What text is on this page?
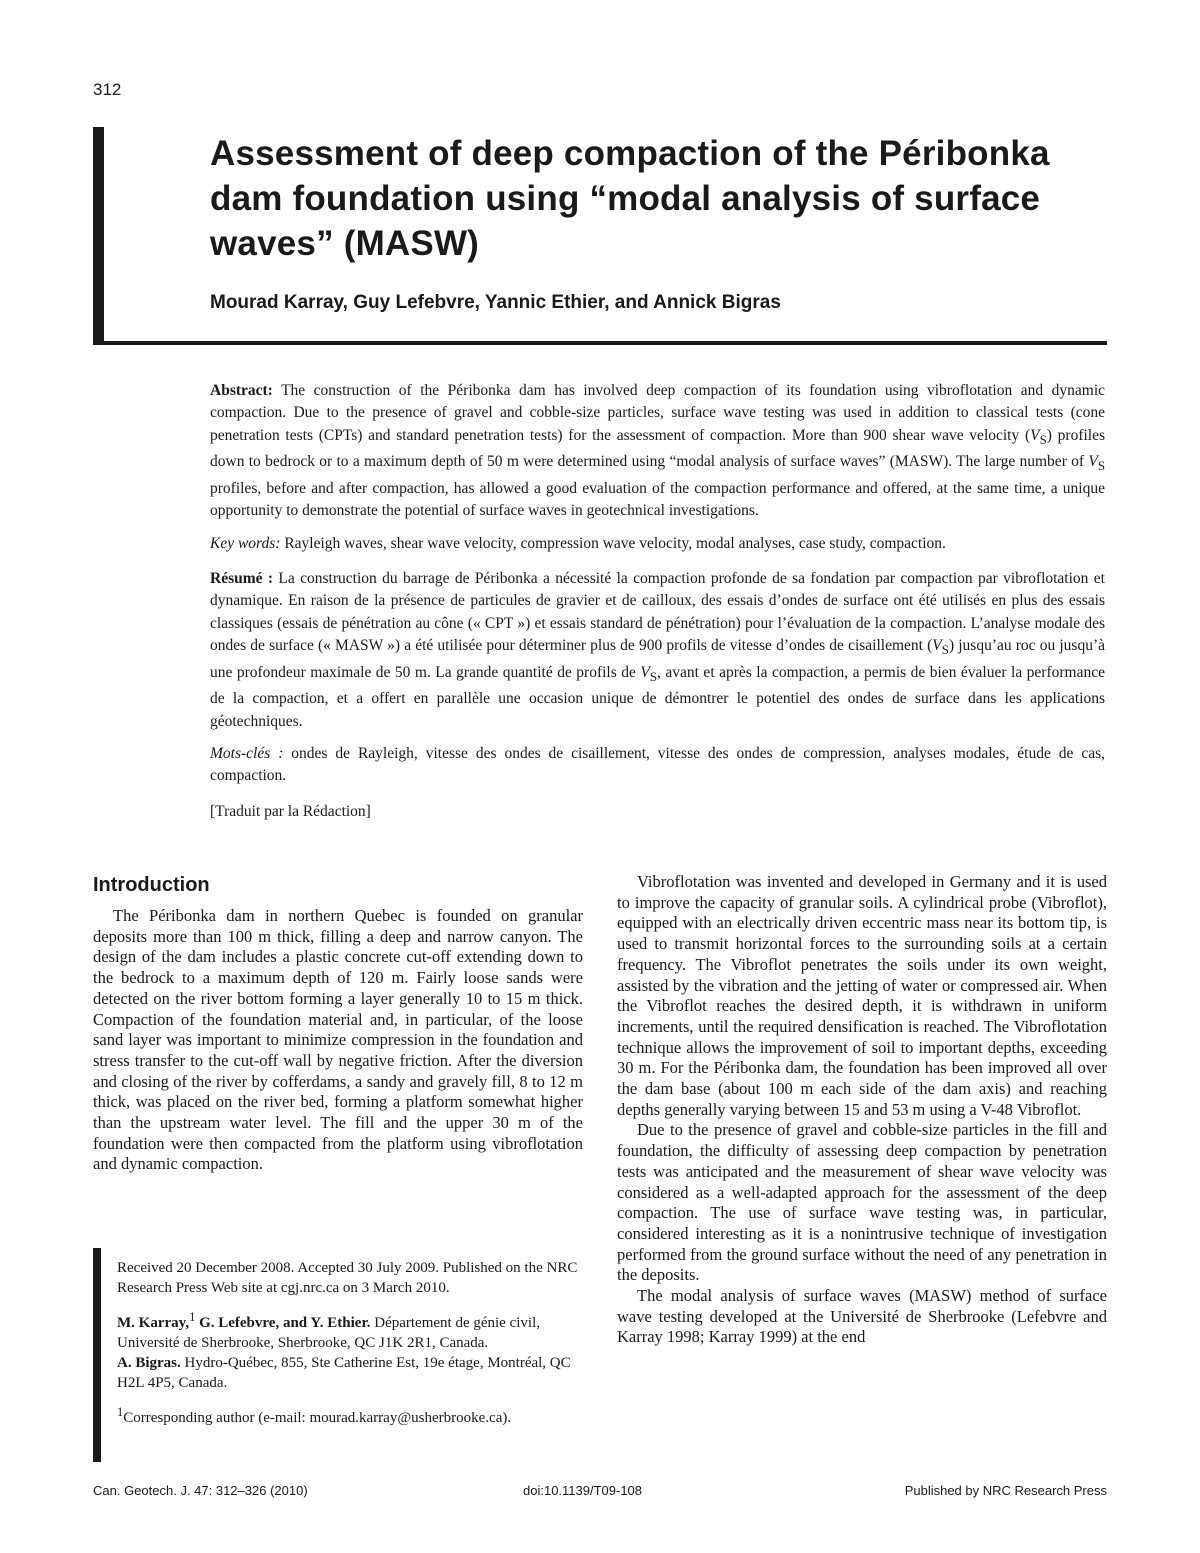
312
Assessment of deep compaction of the Péribonka dam foundation using “modal analysis of surface waves” (MASW)

Mourad Karray, Guy Lefebvre, Yannic Ethier, and Annick Bigras

Abstract: The construction of the Péribonka dam has involved deep compaction of its foundation using vibroflotation and dynamic compaction. Due to the presence of gravel and cobble-size particles, surface wave testing was used in addition to classical tests (cone penetration tests (CPTs) and standard penetration tests) for the assessment of compaction. More than 900 shear wave velocity $(V_S)$ profiles down to bedrock or to a maximum depth of 50 m were determined using “modal analysis of surface waves” (MASW). The large number of $V_S$ profiles, before and after compaction, has allowed a good evaluation of the compaction performance and offered, at the same time, a unique opportunity to demonstrate the potential of surface waves in geotechnical investigations.

Key words: Rayleigh waves, shear wave velocity, compression wave velocity, modal analyses, case study, compaction.

Résumé : La construction du barrage de Péribonka a nécessité la compaction profonde de sa fondation par compaction par vibroflotation et dynamique. En raison de la présence de particules de gravier et de cailloux, des essais d’ondes de surface ont été utilisés en plus des essais classiques (essais de pénétration au cône (« CPT ») et essais standard de pénétration) pour l’évaluation de la compaction. L’analyse modale des ondes de surface (« MASW ») a été utilisée pour déterminer plus de 900 profils de vitesse d’ondes de cisaillement $(V_S)$ jusqu’au roc ou jusqu’à une profondeur maximale de 50 m. La grande quantité de profils de $V_S$, avant et après la compaction, a permis de bien évaluer la performance de la compaction, et a offert en parallèle une occasion unique de démontrer le potentiel des ondes de surface dans les applications géotechniques.

Mots-clés : ondes de Rayleigh, vitesse des ondes de cisaillement, vitesse des ondes de compression, analyses modales, étude de cas, compaction.

[Traduit par la Rédaction]

Introduction

The Péribonka dam in northern Quebec is founded on granular deposits more than 100 m thick, filling a deep and narrow canyon. The design of the dam includes a plastic concrete cut-off extending down to the bedrock to a maximum depth of 120 m. Fairly loose sands were detected on the river bottom forming a layer generally 10 to 15 m thick. Compaction of the foundation material and, in particular, of the loose sand layer was important to minimize compression in the foundation and stress transfer to the cut-off wall by negative friction. After the diversion and closing of the river by cofferdams, a sandy and gravely fill, 8 to 12 m thick, was placed on the river bed, forming a platform somewhat higher than the upstream water level. The fill and the upper 30 m of the foundation were then compacted from the platform using vibroflotation and dynamic compaction.

Vibroflotation was invented and developed in Germany and it is used to improve the capacity of granular soils. A cylindrical probe (Vibroflot), equipped with an electrically driven eccentric mass near its bottom tip, is used to transmit horizontal forces to the surrounding soils at a certain frequency. The Vibroflot penetrates the soils under its own weight, assisted by the vibration and the jetting of water or compressed air. When the Vibroflot reaches the desired depth, it is withdrawn in uniform increments, until the required densification is reached. The Vibroflotation technique allows the improvement of soil to important depths, exceeding 30 m. For the Péribonka dam, the foundation has been improved all over the dam base (about 100 m each side of the dam axis) and reaching depths generally varying between 15 and 53 m using a V-48 Vibroflot.

Due to the presence of gravel and cobble-size particles in the fill and foundation, the difficulty of assessing deep compaction by penetration tests was anticipated and the measurement of shear wave velocity was considered as a well-adapted approach for the assessment of the deep compaction. The use of surface wave testing was, in particular, considered interesting as it is a nonintrusive technique of investigation performed from the ground surface without the need of any penetration in the deposits.

The modal analysis of surface waves (MASW) method of surface wave testing developed at the Université de Sherbrooke (Lefebvre and Karray 1998; Karray 1999) at the end

Received 20 December 2008. Accepted 30 July 2009. Published on the NRC Research Press Web site at cgj.nrc.ca on 3 March 2010.

M. Karray,$^1$ G. Lefebvre, and Y. Ethier. Département de génie civil, Université de Sherbrooke, Sherbrooke, QC J1K 2R1, Canada.

A. Bigras. Hydro-Québec, 855, Ste Catherine Est, 19e étage, Montréal, QC H2L 4P5, Canada.

$^1$Corresponding author (e-mail: mourad.karray@usherbrooke.ca).

Can. Geotech. J. 47: 312–326 (2010)	doi:10.1139/T09-108	Published by NRC Research Press
